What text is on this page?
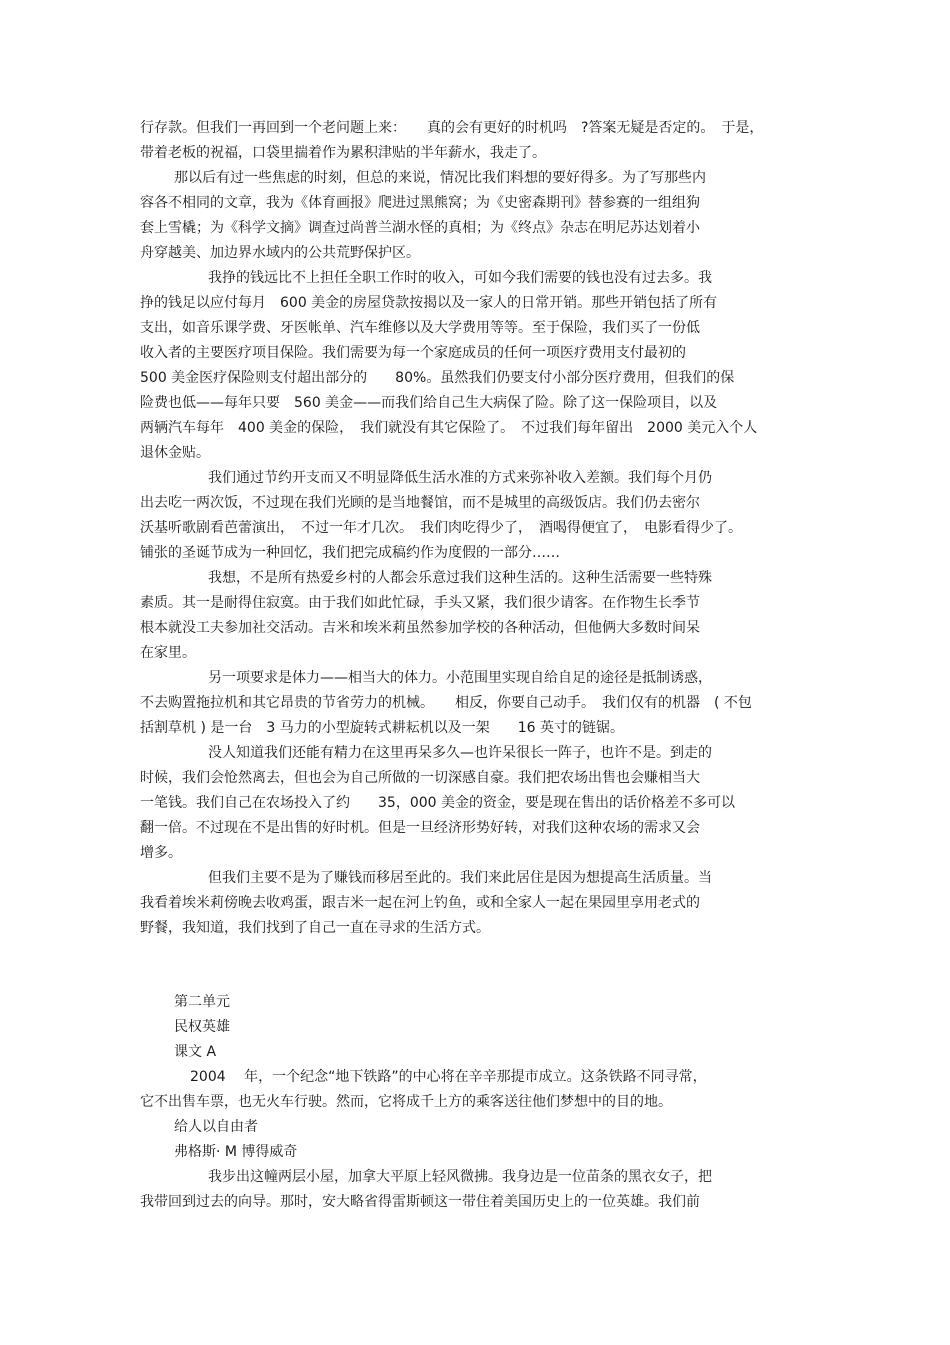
行存款。但我们一再回到一个老问题上来：　　真的会有更好的时机吗　?答案无疑是否定的。　于是，
带着老板的祝福，口袋里揣着作为累积津贴的半年薪水，我走了。
那以后有过一些焦虑的时刻，但总的来说，情况比我们料想的要好得多。为了写那些内
容各不相同的文章，我为《体育画报》爬进过黑熊窝；为《史密森期刊》替参赛的一组组狗
套上雪橇；为《科学文摘》调查过尚普兰湖水怪的真相；为《终点》杂志在明尼苏达划着小
舟穿越美、加边界水域内的公共荒野保护区。
我挣的钱远比不上担任全职工作时的收入，可如今我们需要的钱也没有过去多。我
挣的钱足以应付每月　600 美金的房屋贷款按揭以及一家人的日常开销。那些开销包括了所有
支出，如音乐课学费、牙医帐单、汽车维修以及大学费用等等。至于保险，我们买了一份低
收入者的主要医疗项目保险。我们需要为每一个家庭成员的任何一项医疗费用支付最初的
500 美金医疗保险则支付超出部分的　　80%。虽然我们仍要支付小部分医疗费用，但我们的保
险费也低——每年只要　560 美金——而我们给自己生大病保了险。除了这一保险项目，以及
两辆汽车每年　400 美金的保险，　我们就没有其它保险了。　不过我们每年留出　2000 美元入个人
退休金贴。
我们通过节约开支而又不明显降低生活水准的方式来弥补收入差额。我们每个月仍
出去吃一两次饭，不过现在我们光顾的是当地餐馆，而不是城里的高级饭店。我们仍去密尔
沃基听歌剧看芭蕾演出，　不过一年才几次。　我们肉吃得少了，　酒喝得便宜了，　电影看得少了。
铺张的圣诞节成为一种回忆，我们把完成稿约作为度假的一部分……
我想，不是所有热爱乡村的人都会乐意过我们这种生活的。这种生活需要一些特殊
素质。其一是耐得住寂寞。由于我们如此忙碌，手头又紧，我们很少请客。在作物生长季节
根本就没工夫参加社交活动。吉米和埃米莉虽然参加学校的各种活动，但他俩大多数时间呆
在家里。
另一项要求是体力——相当大的体力。小范围里实现自给自足的途径是抵制诱惑，
不去购置拖拉机和其它昂贵的节省劳力的机械。　　相反，你要自己动手。　我们仅有的机器　( 不包
括割草机 ) 是一台　3 马力的小型旋转式耕耘机以及一架　　16 英寸的链锯。
没人知道我们还能有精力在这里再呆多久—也许呆很长一阵子，也许不是。到走的
时候，我们会怆然离去，但也会为自己所做的一切深感自豪。我们把农场出售也会赚相当大
一笔钱。我们自己在农场投入了约　　35，000 美金的资金，要是现在售出的话价格差不多可以
翻一倍。不过现在不是出售的好时机。但是一旦经济形势好转，对我们这种农场的需求又会
增多。
但我们主要不是为了赚钱而移居至此的。我们来此居住是因为想提高生活质量。当
我看着埃米莉傍晚去收鸡蛋，跟吉米一起在河上钓鱼，或和全家人一起在果园里享用老式的
野餐，我知道，我们找到了自己一直在寻求的生活方式。
第二单元
民权英雄
课文 A
2004　 年，一个纪念“地下铁路”的中心将在辛辛那提市成立。这条铁路不同寻常，
它不出售车票，也无火车行驶。然而，它将成千上方的乘客送往他们梦想中的目的地。
给人以自由者
弗格斯· M 博得威奇
我步出这幢两层小屋，加拿大平原上轻风微拂。我身边是一位苗条的黑衣女子，把
我带回到过去的向导。那时，安大略省得雷斯顿这一带住着美国历史上的一位英雄。我们前
